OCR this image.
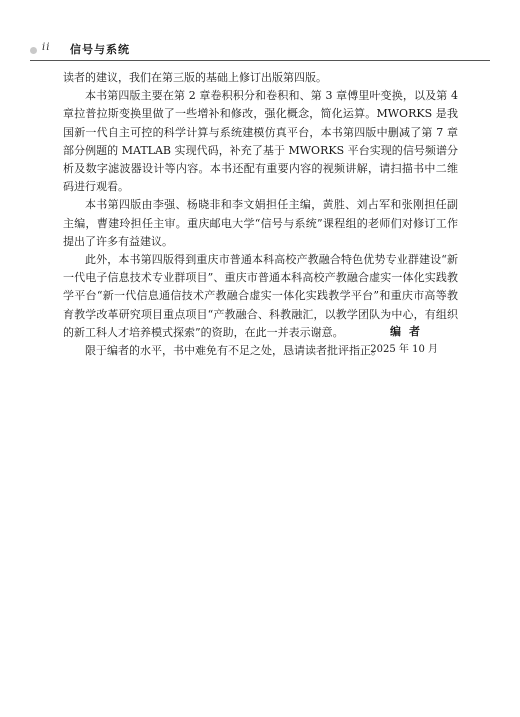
ii 信号与系统

读者的建议，我们在第三版的基础上修订出版第四版。

本书第四版主要在第 2 章卷积积分和卷积和、第 3 章傅里叶变换，以及第 4 章拉普拉斯变换里做了一些增补和修改，强化概念，简化运算。MWORKS 是我国新一代自主可控的科学计算与系统建模仿真平台，本书第四版中删减了第 7 章部分例题的 MATLAB 实现代码，补充了基于 MWORKS 平台实现的信号频谱分析及数字滤波器设计等内容。本书还配有重要内容的视频讲解，请扫描书中二维码进行观看。

本书第四版由李强、杨晓非和李文娟担任主编，黄胜、刘占军和张刚担任副主编，曹建玲担任主审。重庆邮电大学“信号与系统”课程组的老师们对修订工作提出了许多有益建议。

此外，本书第四版得到重庆市普通本科高校产教融合特色优势专业群建设“新一代电子信息技术专业群项目”、重庆市普通本科高校产教融合虚实一体化实践教学平台“新一代信息通信技术产教融合虚实一体化实践教学平台”和重庆市高等教育教学改革研究项目重点项目“产教融合、科教融汇，以教学团队为中心，有组织的新工科人才培养模式探索”的资助，在此一并表示谢意。

限于编者的水平，书中难免有不足之处，恳请读者批评指正。

编者
2025 年 10 月
